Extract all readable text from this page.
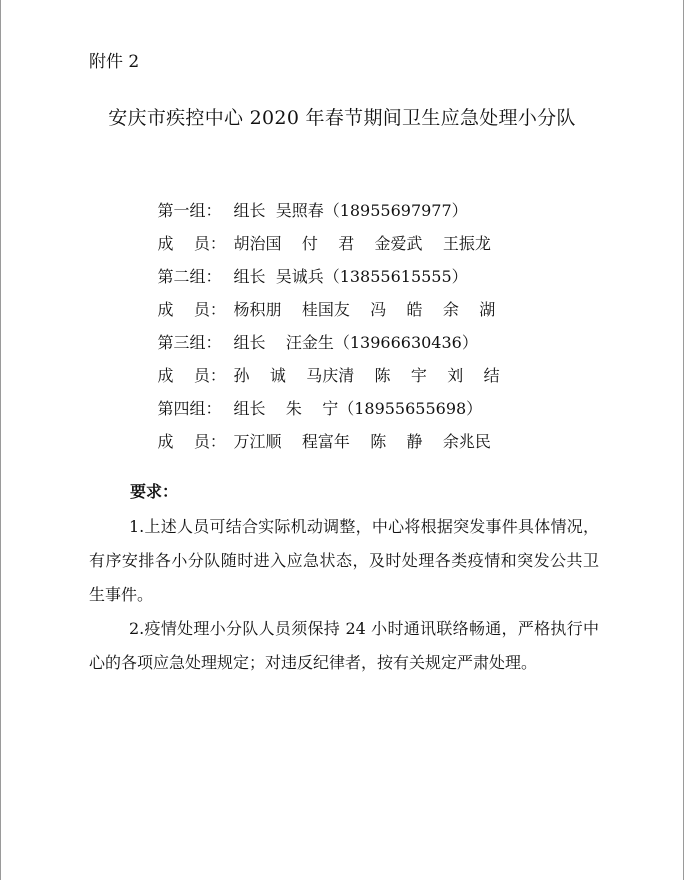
附件 2
安庆市疾控中心 2020 年春节期间卫生应急处理小分队

第一组： 组长  吴照春（18955697977）

成    员： 胡治国    付    君    金爱武    王振龙

第二组： 组长  吴诚兵（13855615555）

成    员： 杨积朋    桂国友    冯    皓    余    湖

第三组： 组长    汪金生（13966630436）

成    员： 孙    诚    马庆清    陈    宇    刘    结

第四组： 组长    朱    宁（18955655698）

成    员： 万江顺    程富年    陈    静    余兆民

要求：
1.上述人员可结合实际机动调整，中心将根据突发事件具体情况，有序安排各小分队随时进入应急状态，及时处理各类疫情和突发公共卫生事件。
2.疫情处理小分队人员须保持 24 小时通讯联络畅通，严格执行中心的各项应急处理规定；对违反纪律者，按有关规定严肃处理。
